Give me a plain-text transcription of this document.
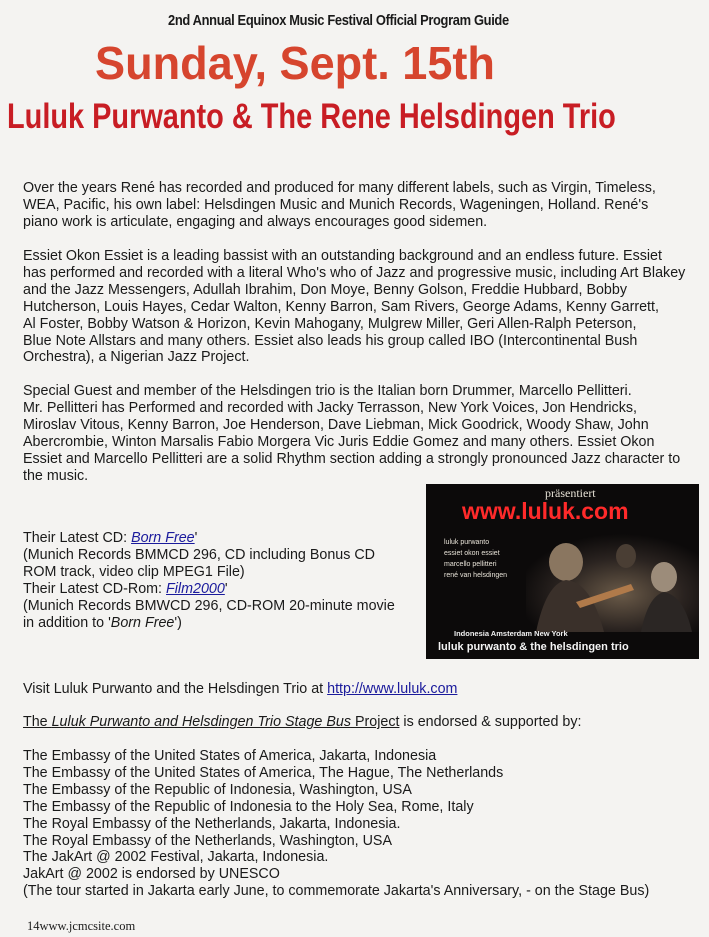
2nd Annual Equinox Music Festival Official Program Guide
Sunday, Sept. 15th
Luluk Purwanto & The Rene Helsdingen Trio
Over the years René has recorded and produced for many different labels, such as Virgin, Timeless,
WEA, Pacific, his own label: Helsdingen Music and Munich Records, Wageningen, Holland. René's
piano work is articulate, engaging and always encourages good sidemen.
Essiet Okon Essiet is a leading bassist with an outstanding background and an endless future. Essiet
has performed and recorded with a literal Who's who of Jazz and progressive music, including Art Blakey
and the Jazz Messengers, Adullah Ibrahim, Don Moye, Benny Golson, Freddie Hubbard, Bobby
Hutcherson, Louis Hayes, Cedar Walton, Kenny Barron, Sam Rivers, George Adams, Kenny Garrett,
Al Foster, Bobby Watson & Horizon, Kevin Mahogany, Mulgrew Miller, Geri Allen-Ralph Peterson,
Blue Note Allstars and many others. Essiet also leads his group called IBO (Intercontinental Bush
Orchestra), a Nigerian Jazz Project.
Special Guest and member of the Helsdingen trio is the Italian born Drummer, Marcello Pellitteri.
Mr. Pellitteri has Performed and recorded with Jacky Terrasson, New York Voices, Jon Hendricks,
Miroslav Vitous, Kenny Barron, Joe Henderson, Dave Liebman, Mick Goodrick, Woody Shaw, John
Abercrombie, Winton Marsalis Fabio Morgera Vic Juris Eddie Gomez and many others. Essiet Okon
Essiet and Marcello Pellitteri are a solid Rhythm section adding a strongly pronounced Jazz character to
the music.
Their Latest CD: Born Free'
(Munich Records BMMCD 296, CD including Bonus CD
ROM track, video clip MPEG1 File)
Their Latest CD-Rom: Film2000'
(Munich Records BMWCD 296, CD-ROM 20-minute movie
in addition to 'Born Free')
präsentiert
www.luluk.com
luluk purwanto
essiet okon essiet
marcello pellitteri
rené van helsdingen
Indonesia Amsterdam New York
luluk purwanto & the helsdingen trio
Visit Luluk Purwanto and the Helsdingen Trio at http://www.luluk.com
The Luluk Purwanto and Helsdingen Trio Stage Bus Project is endorsed & supported by:
The Embassy of the United States of America, Jakarta, Indonesia
The Embassy of the United States of America, The Hague, The Netherlands
The Embassy of the Republic of Indonesia, Washington, USA
The Embassy of the Republic of Indonesia to the Holy Sea, Rome, Italy
The Royal Embassy of the Netherlands, Jakarta, Indonesia.
The Royal Embassy of the Netherlands, Washington, USA
The JakArt @ 2002 Festival, Jakarta, Indonesia.
JakArt @ 2002 is endorsed by UNESCO
(The tour started in Jakarta early June, to commemorate Jakarta's Anniversary, - on the Stage Bus)
14www.jcmcsite.com
